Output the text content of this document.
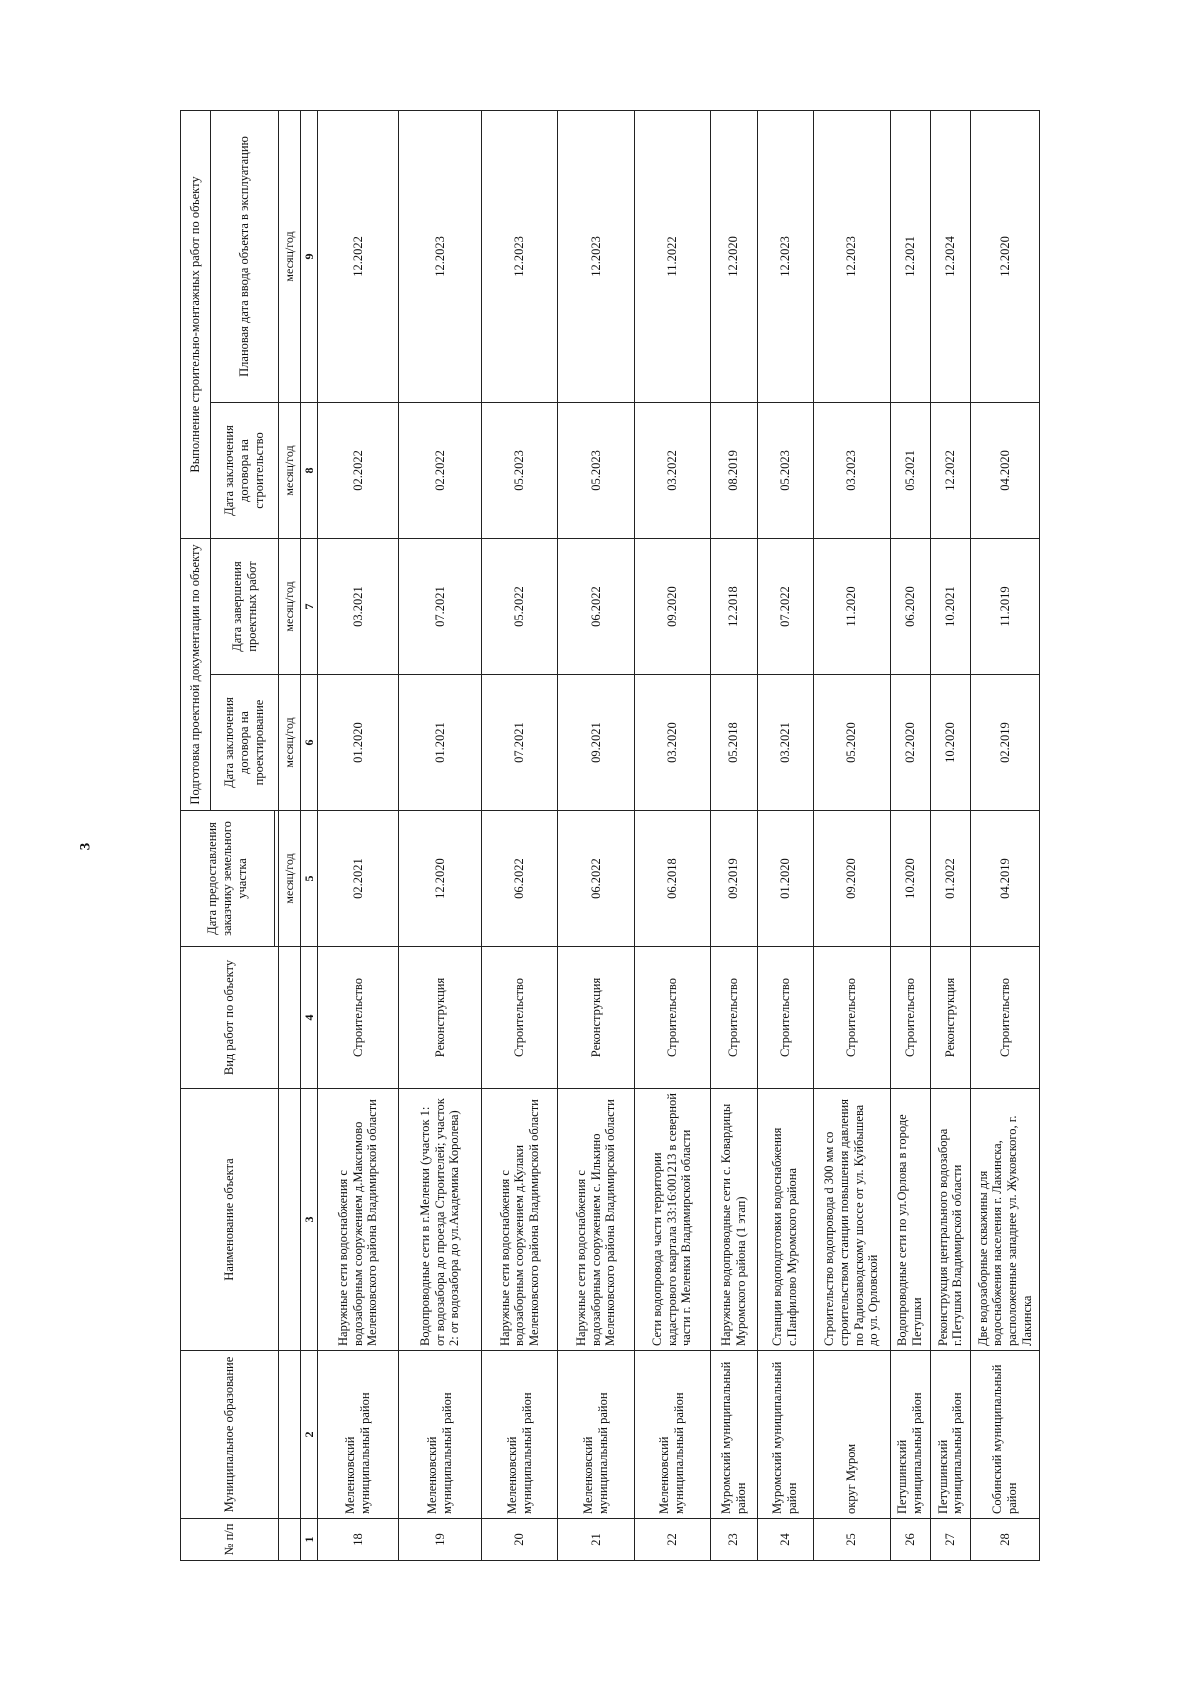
3
№ п/п	Муниципальное образование	Наименование объекта	Вид работ по объекту	Дата предоставления заказчику земельного участка	Подготовка проектной документации по объекту		Выполнение строительно-монтажных работ по объекту	
					Дата заключения договора на проектирование	Дата завершения проектных работ	Дата заключения договора на строительство	Плановая дата ввода объекта в эксплуатацию

				месяц/год	месяц/год	месяц/год	месяц/год	месяц/год
1	2	3	4	5	6	7	8	9
18	Меленковский муниципальный район	Наружные сети водоснабжения с водозаборным сооружением д.Максимово Меленковского района Владимирской области	Строительство	02.2021	01.2020	03.2021	02.2022	12.2022
19	Меленковский муниципальный район	Водопроводные сети в г.Меленки (участок 1: от водозабора до проезда Строителей; участок 2: от водозабора до ул.Академика Королева)	Реконструкция	12.2020	01.2021	07.2021	02.2022	12.2023
20	Меленковский муниципальный район	Наружные сети водоснабжения с водозаборным сооружением д.Кулаки Меленковского района Владимирской области	Строительство	06.2022	07.2021	05.2022	05.2023	12.2023
21	Меленковский муниципальный район	Наружные сети водоснабжения с водозаборным сооружением с. Илькино Меленковского района Владимирской области	Реконструкция	06.2022	09.2021	06.2022	05.2023	12.2023
22	Меленковский муниципальный район	Сети водопровода части территории кадастрового квартала 33:16:001213 в северной части г. Меленки Владимирской области	Строительство	06.2018	03.2020	09.2020	03.2022	11.2022
23	Муромский муниципальный район	Наружные водопроводные сети с. Ковардицы Муромского района (1 этап)	Строительство	09.2019	05.2018	12.2018	08.2019	12.2020
24	Муромский муниципальный район	Станции водоподготовки водоснабжения с.Панфилово Муромского района	Строительство	01.2020	03.2021	07.2022	05.2023	12.2023
25	округ Муром	Строительство водопровода d 300 мм со строительством станции повышения давления по Радиозаводскому шоссе от ул. Куйбышева до ул. Орловской	Строительство	09.2020	05.2020	11.2020	03.2023	12.2023
26	Петушинский муниципальный район	Водопроводные сети по ул.Орлова в городе Петушки	Строительство	10.2020	02.2020	06.2020	05.2021	12.2021
27	Петушинский муниципальный район	Реконструкция центрального водозабора г.Петушки Владимирской области	Реконструкция	01.2022	10.2020	10.2021	12.2022	12.2024
28	Собинский муниципальный район	Две водозаборные скважины для водоснабжения населения г. Лакинска, расположенные западнее ул. Жуковского, г. Лакинска	Строительство	04.2019	02.2019	11.2019	04.2020	12.2020
